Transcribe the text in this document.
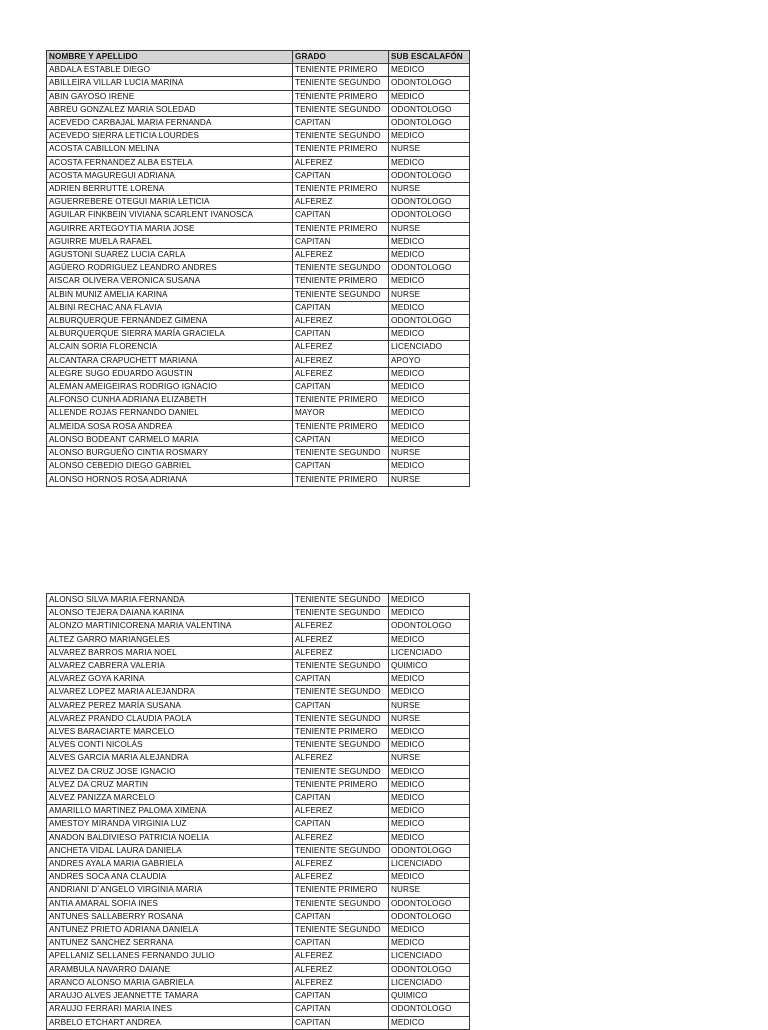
NOMBRE Y APELLIDO	GRADO	SUB ESCALAFÓN
ABDALA ESTABLE DIEGO	TENIENTE PRIMERO	MEDICO
ABILLEIRA VILLAR LUCIA MARINA	TENIENTE SEGUNDO	ODONTOLOGO
ABIN GAYOSO IRENE	TENIENTE PRIMERO	MEDICO
ABREU GONZALEZ MARIA SOLEDAD	TENIENTE SEGUNDO	ODONTOLOGO
ACEVEDO CARBAJAL MARIA FERNANDA	CAPITAN	ODONTOLOGO
ACEVEDO SIERRA LETICIA LOURDES	TENIENTE SEGUNDO	MEDICO
ACOSTA CABILLON MELINA	TENIENTE PRIMERO	NURSE
ACOSTA FERNANDEZ ALBA ESTELA	ALFEREZ	MEDICO
ACOSTA MAGUREGUI ADRIANA	CAPITAN	ODONTOLOGO
ADRIEN BERRUTTE LORENA	TENIENTE PRIMERO	NURSE
AGUERREBERE OTEGUI MARIA LETICIA	ALFEREZ	ODONTOLOGO
AGUILAR FINKBEIN VIVIANA SCARLENT IVANOSCA	CAPITAN	ODONTOLOGO
AGUIRRE ARTEGOYTIA MARIA JOSE	TENIENTE PRIMERO	NURSE
AGUIRRE MUELA RAFAEL	CAPITAN	MEDICO
AGUSTONI SUAREZ LUCIA CARLA	ALFEREZ	MEDICO
AGÜERO RODRIGUEZ LEANDRO ANDRES	TENIENTE SEGUNDO	ODONTOLOGO
AISCAR OLIVERA VERONICA SUSANA	TENIENTE PRIMERO	MEDICO
ALBIN MUNIZ AMELIA KARINA	TENIENTE SEGUNDO	NURSE
ALBINI RECHAC ANA FLAVIA	CAPITAN	MEDICO
ALBURQUERQUE FERNÁNDEZ GIMENA	ALFEREZ	ODONTOLOGO
ALBURQUERQUE SIERRA MARÍA GRACIELA	CAPITAN	MEDICO
ALCAIN SORIA FLORENCIA	ALFEREZ	LICENCIADO
ALCANTARA CRAPUCHETT MARIANA	ALFEREZ	APOYO
ALEGRE SUGO EDUARDO AGUSTIN	ALFEREZ	MEDICO
ALEMAN AMEIGEIRAS RODRIGO IGNACIO	CAPITAN	MEDICO
ALFONSO CUNHA ADRIANA ELIZABETH	TENIENTE PRIMERO	MEDICO
ALLENDE ROJAS FERNANDO DANIEL	MAYOR	MEDICO
ALMEIDA SOSA ROSA ANDREA	TENIENTE PRIMERO	MEDICO
ALONSO BODEANT CARMELO MARIA	CAPITAN	MEDICO
ALONSO BURGUEÑO CINTIA ROSMARY	TENIENTE SEGUNDO	NURSE
ALONSO CEBEDIO DIEGO GABRIEL	CAPITAN	MEDICO
ALONSO HORNOS ROSA ADRIANA	TENIENTE PRIMERO	NURSE
ALONSO SILVA MARIA FERNANDA	TENIENTE SEGUNDO	MEDICO
ALONSO TEJERA DAIANA KARINA	TENIENTE SEGUNDO	MEDICO
ALONZO MARTINICORENA MARIA VALENTINA	ALFEREZ	ODONTOLOGO
ALTEZ GARRO MARIANGELES	ALFEREZ	MEDICO
ALVAREZ BARROS MARIA NOEL	ALFEREZ	LICENCIADO
ALVAREZ CABRERA VALERIA	TENIENTE SEGUNDO	QUIMICO
ALVAREZ GOYA KARINA	CAPITAN	MEDICO
ALVAREZ LOPEZ MARIA ALEJANDRA	TENIENTE SEGUNDO	MEDICO
ALVAREZ PEREZ MARÍA SUSANA	CAPITAN	NURSE
ALVAREZ PRANDO CLAUDIA PAOLA	TENIENTE SEGUNDO	NURSE
ALVES BARACIARTE MARCELO	TENIENTE PRIMERO	MEDICO
ALVES CONTI NICOLÁS	TENIENTE SEGUNDO	MEDICO
ALVES GARCIA MARIA ALEJANDRA	ALFEREZ	NURSE
ALVEZ DA CRUZ JOSE IGNACIO	TENIENTE SEGUNDO	MEDICO
ALVEZ DA CRUZ MARTIN	TENIENTE PRIMERO	MEDICO
ALVEZ PANIZZA MARCELO	CAPITAN	MEDICO
AMARILLO MARTINEZ PALOMA XIMENA	ALFEREZ	MEDICO
AMESTOY MIRANDA VIRGINIA LUZ	CAPITAN	MEDICO
ANADON BALDIVIESO PATRICIA NOELIA	ALFEREZ	MEDICO
ANCHETA VIDAL LAURA DANIELA	TENIENTE SEGUNDO	ODONTOLOGO
ANDRES AYALA MARIA GABRIELA	ALFEREZ	LICENCIADO
ANDRES SOCA ANA CLAUDIA	ALFEREZ	MEDICO
ANDRIANI D´ANGELO VIRGINIA MARIA	TENIENTE PRIMERO	NURSE
ANTIA AMARAL SOFIA INES	TENIENTE SEGUNDO	ODONTOLOGO
ANTUNES SALLABERRY ROSANA	CAPITAN	ODONTOLOGO
ANTUNEZ PRIETO ADRIANA DANIELA	TENIENTE SEGUNDO	MEDICO
ANTUNEZ SANCHEZ SERRANA	CAPITAN	MEDICO
APELLANIZ SELLANES FERNANDO JULIO	ALFEREZ	LICENCIADO
ARAMBULA NAVARRO DAIANE	ALFEREZ	ODONTOLOGO
ARANCO ALONSO MARIA GABRIELA	ALFEREZ	LICENCIADO
ARAUJO ALVES JEANNETTE TAMARA	CAPITAN	QUIMICO
ARAUJO FERRARI MARIA INES	CAPITAN	ODONTOLOGO
ARBELO ETCHART ANDREA	CAPITAN	MEDICO
